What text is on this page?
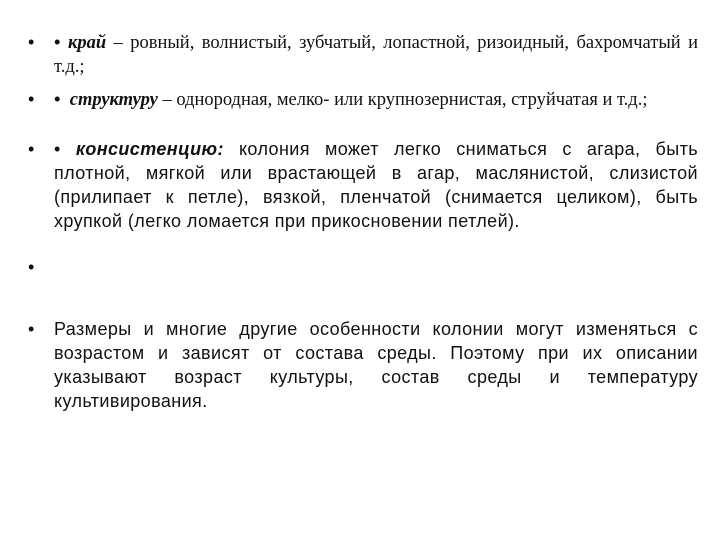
• • край – ровный, волнистый, зубчатый, лопастной, ризоидный, бахромчатый и т.д.;
• • структуру – однородная, мелко- или крупнозернистая, струйчатая и т.д.;
• • консистенцию: колония может легко сниматься с агара, быть плотной, мягкой или врастающей в агар, маслянистой, слизистой (прилипает к петле), вязкой, пленчатой (снимается целиком), быть хрупкой (легко ломается при прикосновении петлей).
•
• Размеры и многие другие особенности колонии могут изменяться с возрастом и зависят от состава среды. Поэтому при их описании указывают возраст культуры, состав среды и температуру культивирования.
